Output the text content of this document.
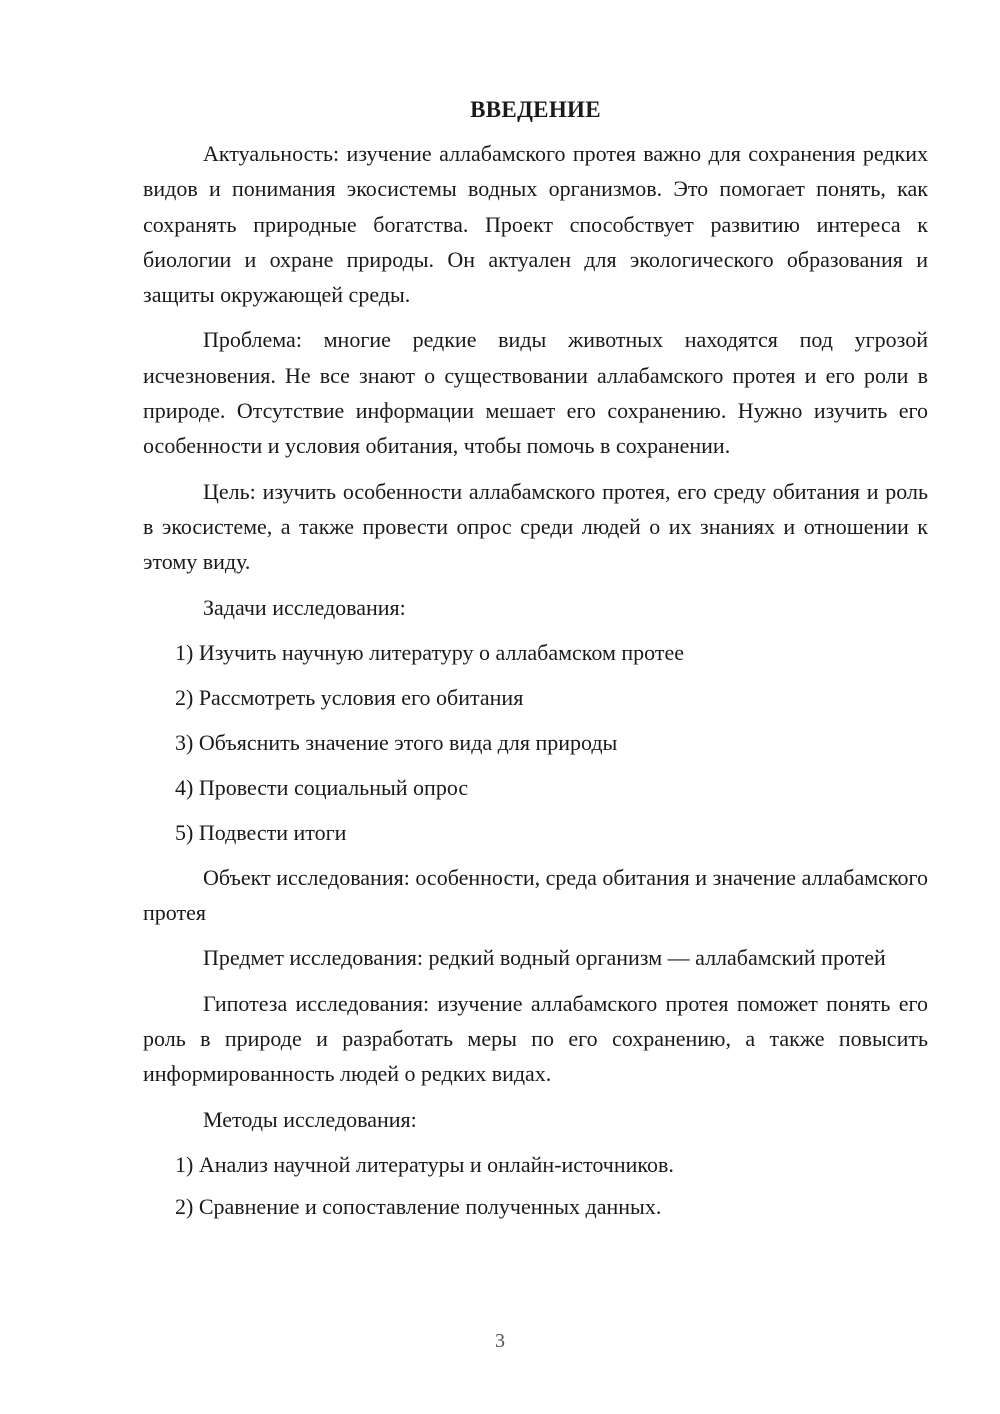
ВВЕДЕНИЕ

Актуальность: изучение аллабамского протея важно для сохранения редких видов и понимания экосистемы водных организмов. Это помогает понять, как сохранять природные богатства. Проект способствует развитию интереса к биологии и охране природы. Он актуален для экологического образования и защиты окружающей среды.

Проблема: многие редкие виды животных находятся под угрозой исчезновения. Не все знают о существовании аллабамского протея и его роли в природе. Отсутствие информации мешает его сохранению. Нужно изучить его особенности и условия обитания, чтобы помочь в сохранении.

Цель: изучить особенности аллабамского протея, его среду обитания и роль в экосистеме, а также провести опрос среди людей о их знаниях и отношении к этому виду.

Задачи исследования:

1) Изучить научную литературу о аллабамском протее
2) Рассмотреть условия его обитания
3) Объяснить значение этого вида для природы
4) Провести социальный опрос
5) Подвести итоги

Объект исследования: особенности, среда обитания и значение аллабамского протея

Предмет исследования: редкий водный организм — аллабамский протей

Гипотеза исследования: изучение аллабамского протея поможет понять его роль в природе и разработать меры по его сохранению, а также повысить информированность людей о редких видах.

Методы исследования:

1) Анализ научной литературы и онлайн-источников.
2) Сравнение и сопоставление полученных данных.
3
